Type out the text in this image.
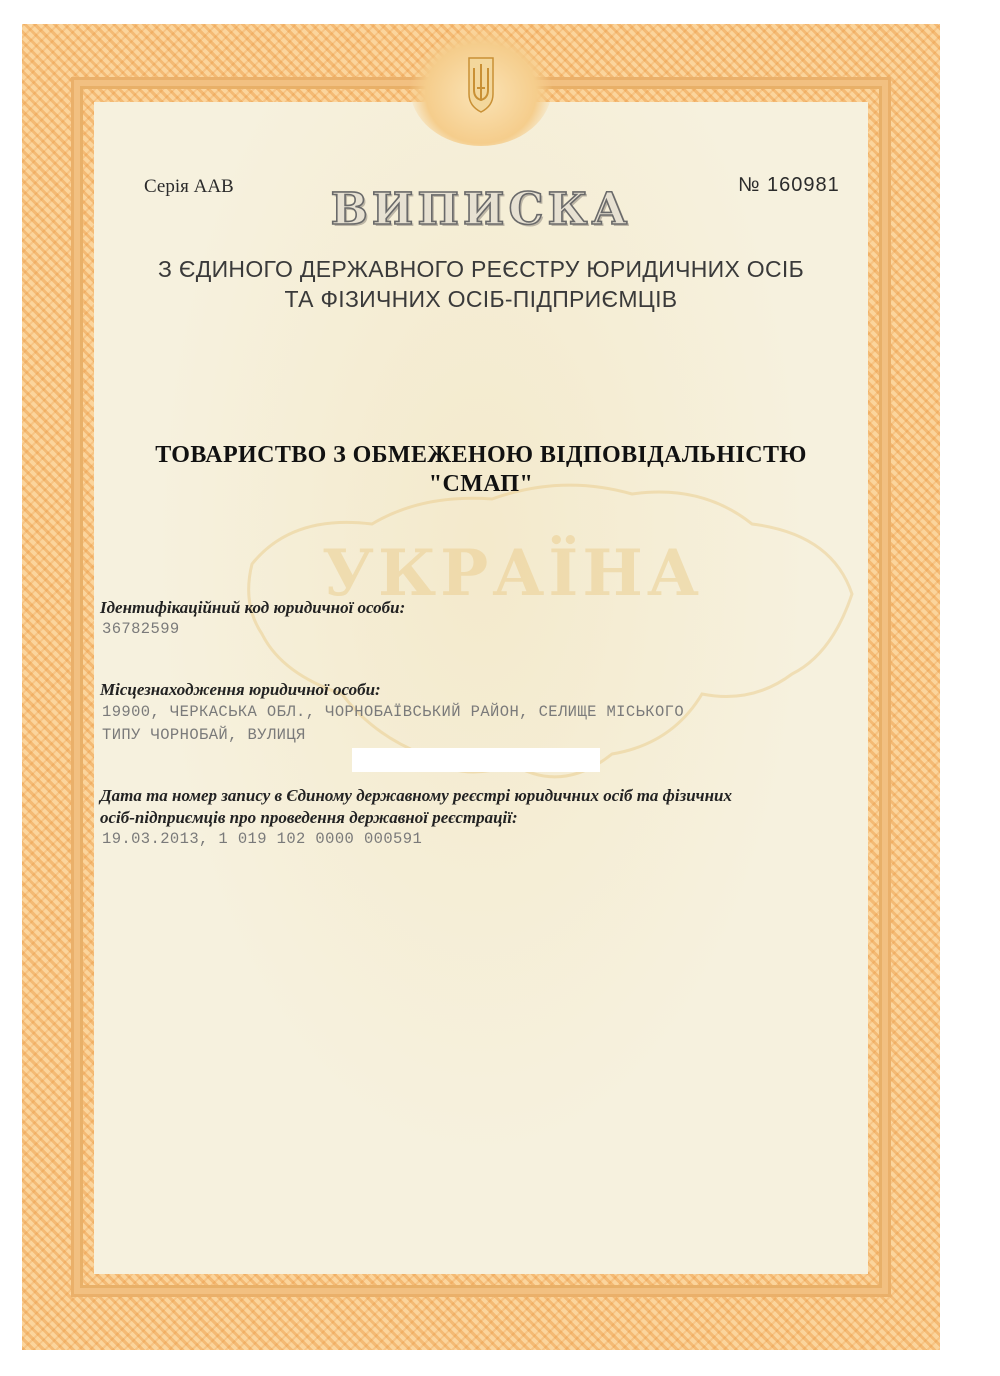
УКРАЇНА
Серія ААВ	№ 160981
ВИПИСКА
З ЄДИНОГО ДЕРЖАВНОГО РЕЄСТРУ ЮРИДИЧНИХ ОСІБ
ТА ФІЗИЧНИХ ОСІБ-ПІДПРИЄМЦІВ
ТОВАРИСТВО З ОБМЕЖЕНОЮ ВІДПОВІДАЛЬНІСТЮ
"СМАП"
Ідентифікаційний код юридичної особи:
36782599
Місцезнаходження юридичної особи:
19900, ЧЕРКАСЬКА ОБЛ., ЧОРНОБАЇВСЬКИЙ РАЙОН, СЕЛИЩЕ МІСЬКОГО
ТИПУ ЧОРНОБАЙ, ВУЛИЦЯ
Дата та номер запису в Єдиному державному реєстрі юридичних осіб та фізичних
осіб-підприємців про проведення державної реєстрації:
19.03.2013, 1 019 102 0000 000591
